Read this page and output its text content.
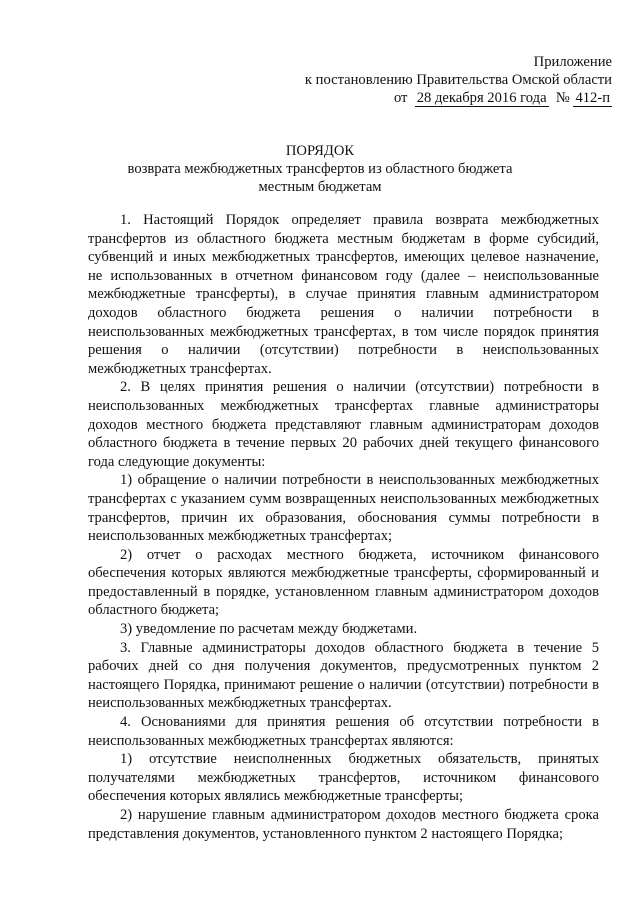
Приложение
к постановлению Правительства Омской области
от 28 декабря 2016 года № 412-п
ПОРЯДОК
возврата межбюджетных трансфертов из областного бюджета
местным бюджетам

1. Настоящий Порядок определяет правила возврата межбюджетных трансфертов из областного бюджета местным бюджетам в форме субсидий, субвенций и иных межбюджетных трансфертов, имеющих целевое назначение, не использованных в отчетном финансовом году (далее – неиспользованные межбюджетные трансферты), в случае принятия главным администратором доходов областного бюджета решения о наличии потребности в неиспользованных межбюджетных трансфертах, в том числе порядок принятия решения о наличии (отсутствии) потребности в неиспользованных межбюджетных трансфертах.

2. В целях принятия решения о наличии (отсутствии) потребности в неиспользованных межбюджетных трансфертах главные администраторы доходов местного бюджета представляют главным администраторам доходов областного бюджета в течение первых 20 рабочих дней текущего финансового года следующие документы:

1) обращение о наличии потребности в неиспользованных межбюджетных трансфертах с указанием сумм возвращенных неиспользованных межбюджетных трансфертов, причин их образования, обоснования суммы потребности в неиспользованных межбюджетных трансфертах;

2) отчет о расходах местного бюджета, источником финансового обеспечения которых являются межбюджетные трансферты, сформированный и предоставленный в порядке, установленном главным администратором доходов областного бюджета;

3) уведомление по расчетам между бюджетами.

3. Главные администраторы доходов областного бюджета в течение 5 рабочих дней со дня получения документов, предусмотренных пунктом 2 настоящего Порядка, принимают решение о наличии (отсутствии) потребности в неиспользованных межбюджетных трансфертах.

4. Основаниями для принятия решения об отсутствии потребности в неиспользованных межбюджетных трансфертах являются:

1) отсутствие неисполненных бюджетных обязательств, принятых получателями межбюджетных трансфертов, источником финансового обеспечения которых являлись межбюджетные трансферты;

2) нарушение главным администратором доходов местного бюджета срока представления документов, установленного пунктом 2 настоящего Порядка;
